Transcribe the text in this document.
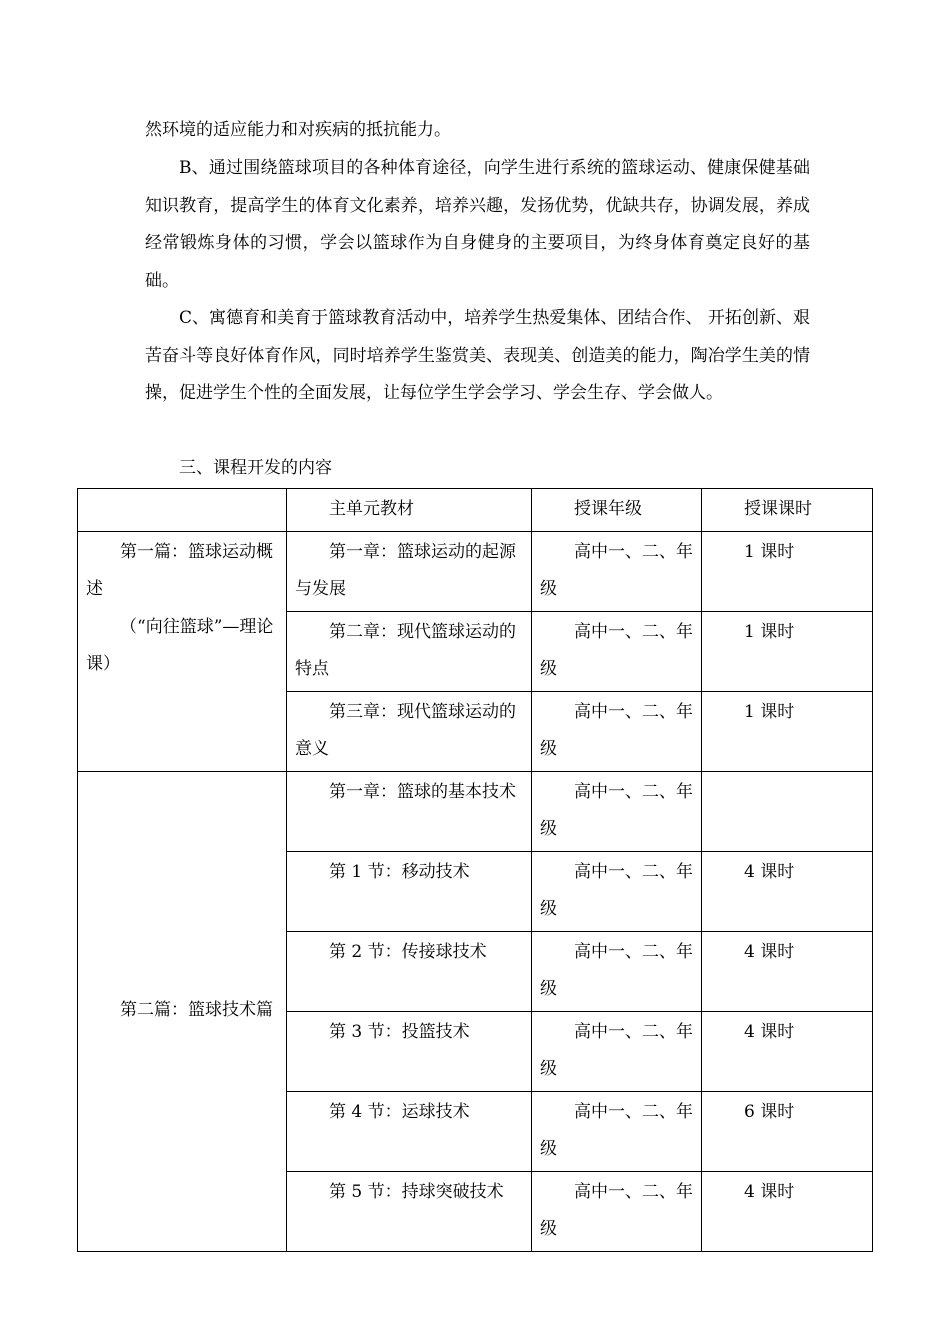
然环境的适应能力和对疾病的抵抗能力。

B、通过围绕篮球项目的各种体育途径，向学生进行系统的篮球运动、健康保健基础知识教育，提高学生的体育文化素养，培养兴趣，发扬优势，优缺共存，协调发展，养成经常锻炼身体的习惯，学会以篮球作为自身健身的主要项目，为终身体育奠定良好的基础。

C、寓德育和美育于篮球教育活动中，培养学生热爱集体、团结合作、 开拓创新、艰苦奋斗等良好体育作风，同时培养学生鉴赏美、表现美、创造美的能力，陶冶学生美的情操，促进学生个性的全面发展，让每位学生学会学习、学会生存、学会做人。

三、课程开发的内容

	主单元教材	授课年级	授课课时

第一篇：篮球运动概述
（“向往篮球”—理论课）	第一章：篮球运动的起源与发展	高中一、二、年级	1 课时
	第二章：现代篮球运动的特点	高中一、二、年级	1 课时
	第三章：现代篮球运动的意义	高中一、二、年级	1 课时

第二篇：篮球技术篇	第一章：篮球的基本技术	高中一、二、年级	
	第 1 节：移动技术	高中一、二、年级	4 课时
	第 2 节：传接球技术	高中一、二、年级	4 课时
	第 3 节：投篮技术	高中一、二、年级	4 课时
	第 4 节：运球技术	高中一、二、年级	6 课时
	第 5 节：持球突破技术	高中一、二、年级	4 课时
